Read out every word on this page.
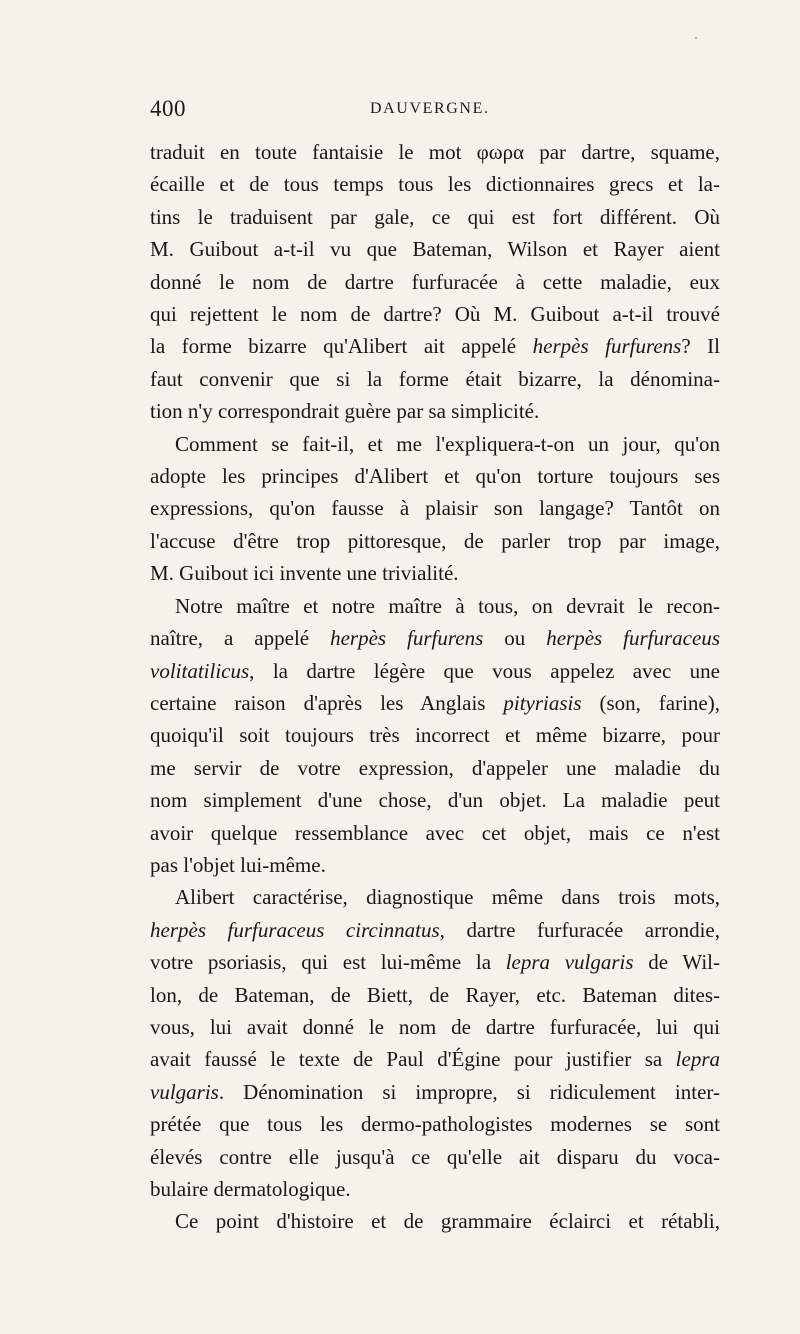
400	DAUVERGNE.
traduit en toute fantaisie le mot φωρα par dartre, squame,
écaille et de tous temps tous les dictionnaires grecs et la-
tins le traduisent par gale, ce qui est fort différent. Où
M. Guibout a-t-il vu que Bateman, Wilson et Rayer aient
donné le nom de dartre furfuracée à cette maladie, eux
qui rejettent le nom de dartre? Où M. Guibout a-t-il trouvé
la forme bizarre qu'Alibert ait appelé herpès furfurens? Il
faut convenir que si la forme était bizarre, la dénomina-
tion n'y correspondrait guère par sa simplicité.
Comment se fait-il, et me l'expliquera-t-on un jour, qu'on
adopte les principes d'Alibert et qu'on torture toujours ses
expressions, qu'on fausse à plaisir son langage? Tantôt on
l'accuse d'être trop pittoresque, de parler trop par image,
M. Guibout ici invente une trivialité.
Notre maître et notre maître à tous, on devrait le recon-
naître, a appelé herpès furfurens ou herpès furfuraceus
volitatilicus, la dartre légère que vous appelez avec une
certaine raison d'après les Anglais pityriasis (son, farine),
quoiqu'il soit toujours très incorrect et même bizarre, pour
me servir de votre expression, d'appeler une maladie du
nom simplement d'une chose, d'un objet. La maladie peut
avoir quelque ressemblance avec cet objet, mais ce n'est
pas l'objet lui-même.
Alibert caractérise, diagnostique même dans trois mots,
herpès furfuraceus circinnatus, dartre furfuracée arrondie,
votre psoriasis, qui est lui-même la lepra vulgaris de Wil-
lon, de Bateman, de Biett, de Rayer, etc. Bateman dites-
vous, lui avait donné le nom de dartre furfuracée, lui qui
avait faussé le texte de Paul d'Égine pour justifier sa lepra
vulgaris. Dénomination si impropre, si ridiculement inter-
prétée que tous les dermo-pathologistes modernes se sont
élevés contre elle jusqu'à ce qu'elle ait disparu du voca-
bulaire dermatologique.
Ce point d'histoire et de grammaire éclairci et rétabli,
